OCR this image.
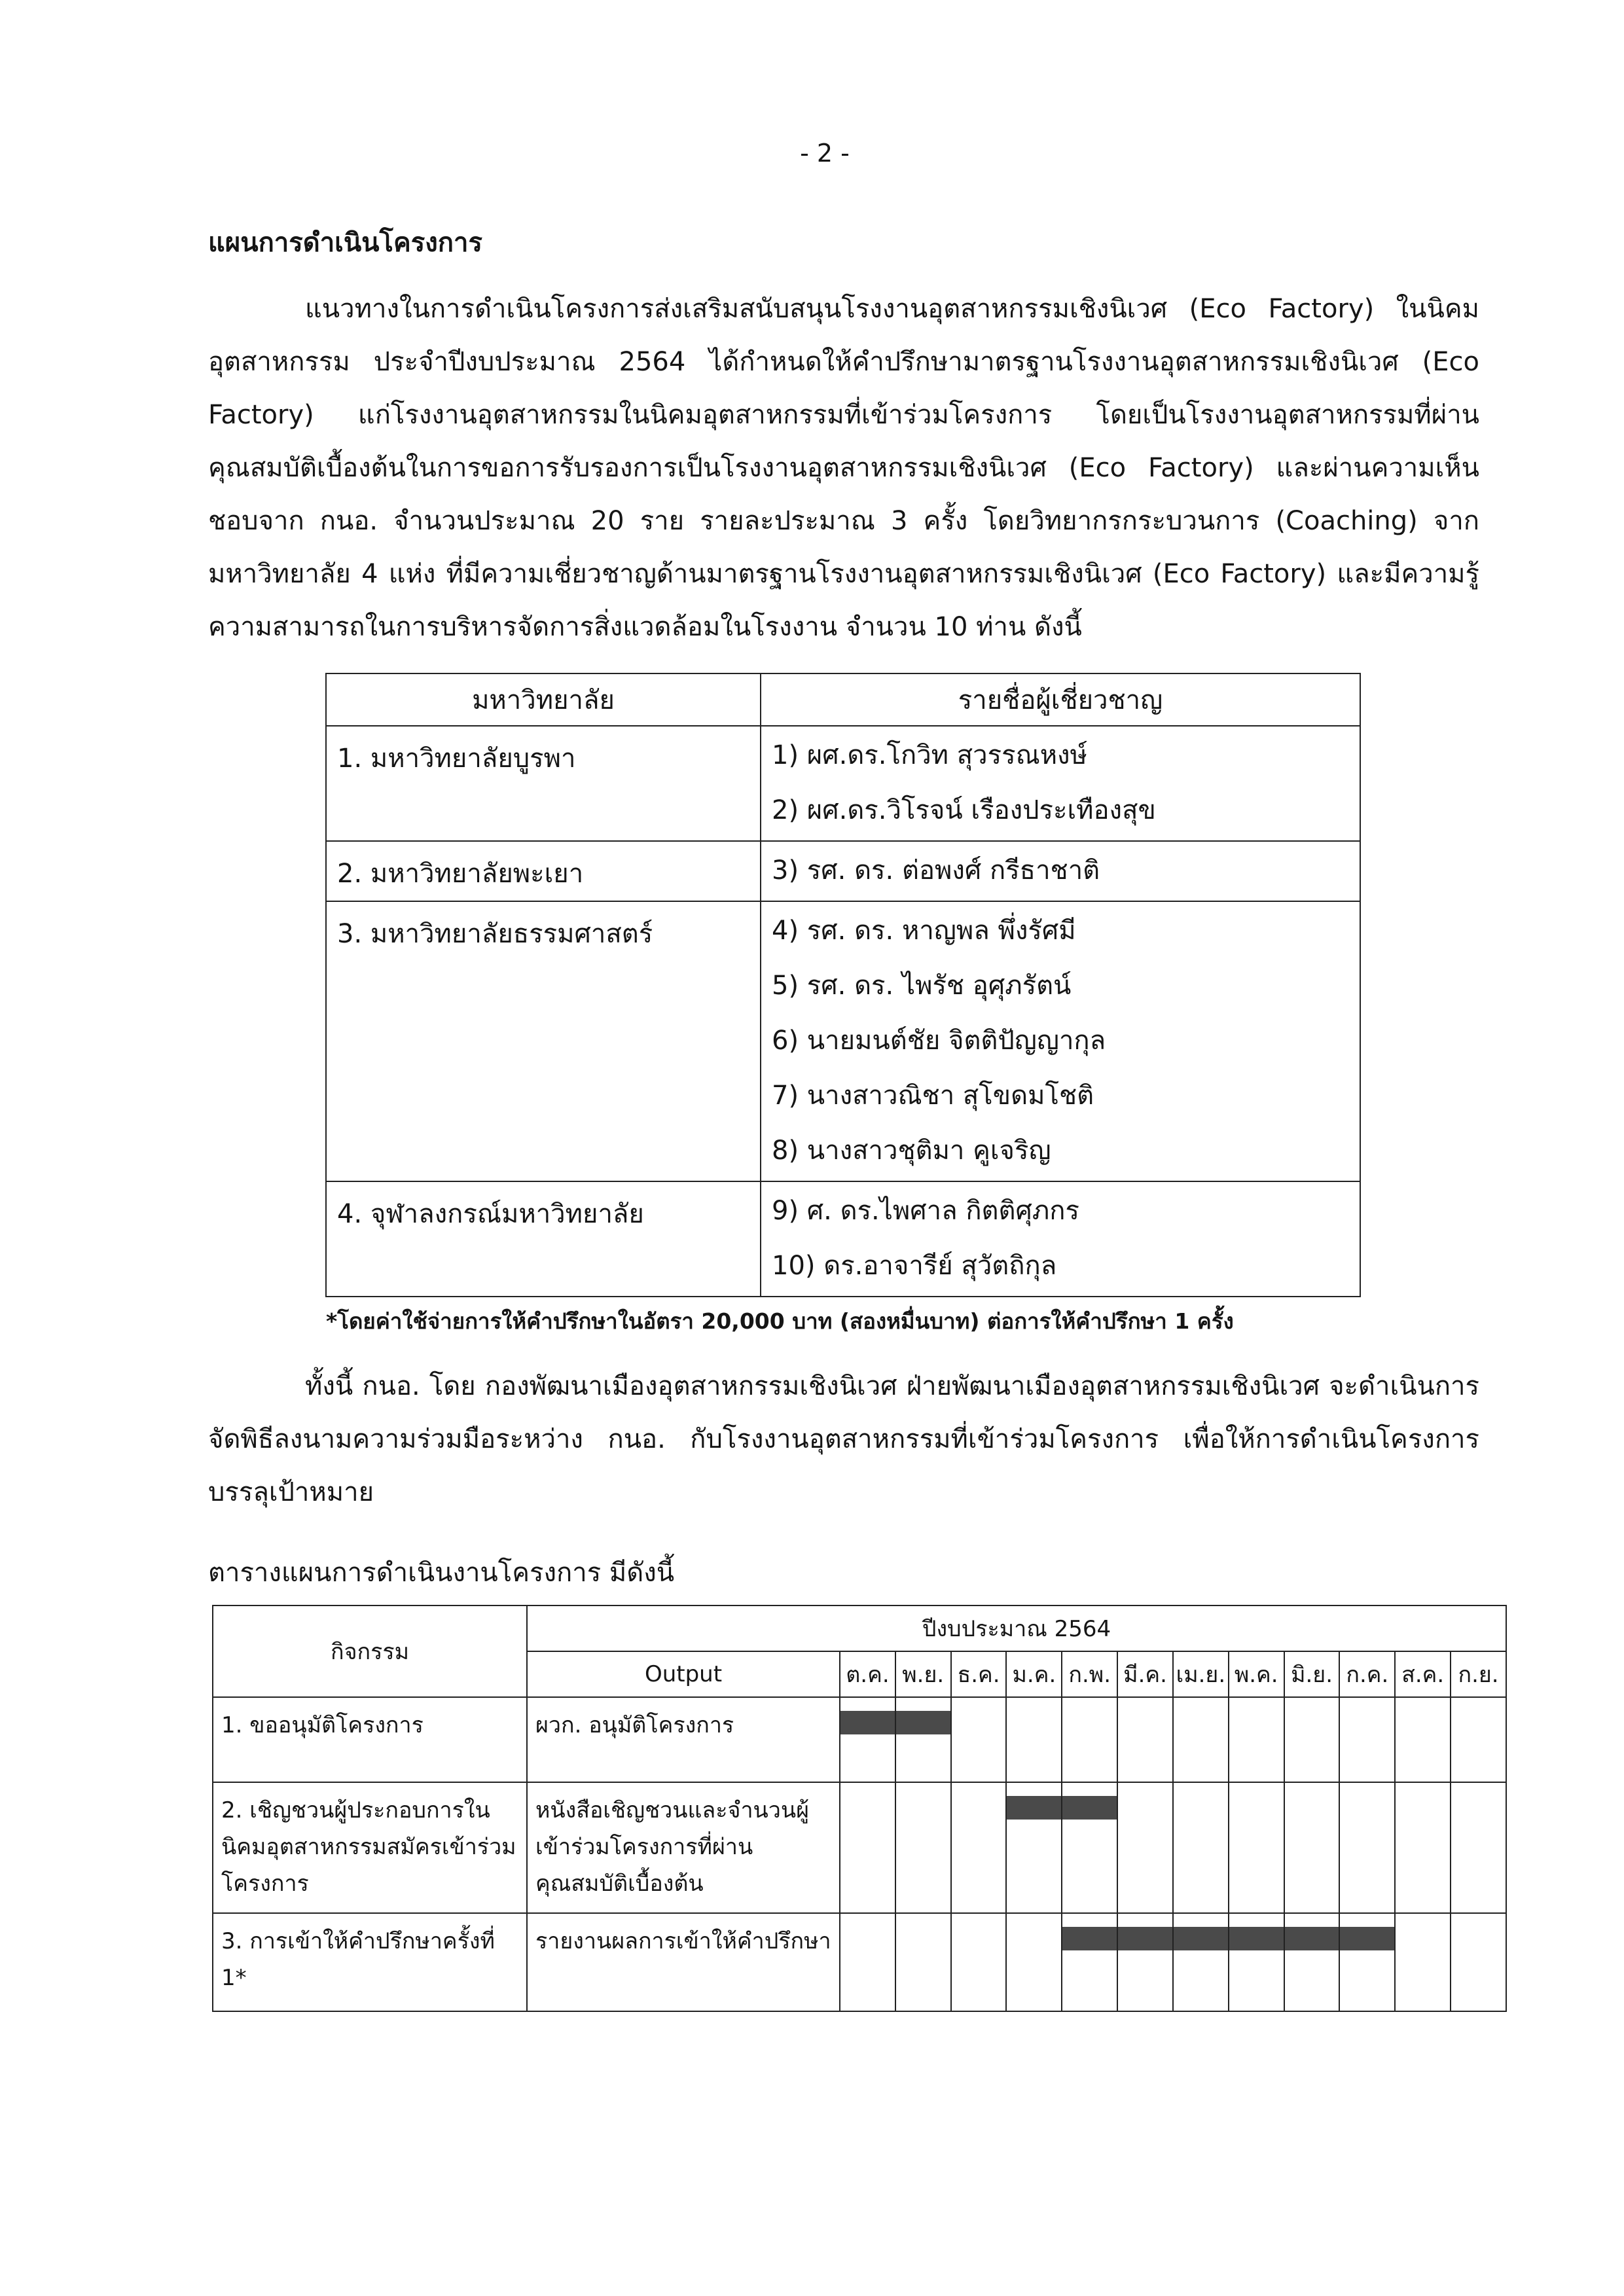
- 2 -
แผนการดำเนินโครงการ

แนวทางในการดำเนินโครงการส่งเสริมสนับสนุนโรงงานอุตสาหกรรมเชิงนิเวศ (Eco Factory) ในนิคมอุตสาหกรรม ประจำปีงบประมาณ 2564 ได้กำหนดให้คำปรึกษามาตรฐานโรงงานอุตสาหกรรมเชิงนิเวศ (Eco Factory) แก่โรงงานอุตสาหกรรมในนิคมอุตสาหกรรมที่เข้าร่วมโครงการ โดยเป็นโรงงานอุตสาหกรรมที่ผ่านคุณสมบัติเบื้องต้นในการขอการรับรองการเป็นโรงงานอุตสาหกรรมเชิงนิเวศ (Eco Factory) และผ่านความเห็นชอบจาก กนอ. จำนวนประมาณ 20 ราย รายละประมาณ 3 ครั้ง โดยวิทยากรกระบวนการ (Coaching) จากมหาวิทยาลัย 4 แห่ง ที่มีความเชี่ยวชาญด้านมาตรฐานโรงงานอุตสาหกรรมเชิงนิเวศ (Eco Factory) และมีความรู้ความสามารถในการบริหารจัดการสิ่งแวดล้อมในโรงงาน จำนวน 10 ท่าน ดังนี้

มหาวิทยาลัย	รายชื่อผู้เชี่ยวชาญ
1. มหาวิทยาลัยบูรพา	1) ผศ.ดร.โกวิท สุวรรณหงษ์
2) ผศ.ดร.วิโรจน์ เรืองประเทืองสุข

2. มหาวิทยาลัยพะเยา	3) รศ. ดร. ต่อพงศ์ กรีธาชาติ

3. มหาวิทยาลัยธรรมศาสตร์	4) รศ. ดร. หาญพล พึ่งรัศมี
5) รศ. ดร. ไพรัช อุศุภรัตน์
6) นายมนต์ชัย จิตติปัญญากุล
7) นางสาวณิชา สุโขดมโชติ
8) นางสาวชุติมา คูเจริญ

4. จุฬาลงกรณ์มหาวิทยาลัย	9) ศ. ดร.ไพศาล กิตติศุภกร
10) ดร.อาจารีย์ สุวัตถิกุล
*โดยค่าใช้จ่ายการให้คำปรึกษาในอัตรา 20,000 บาท (สองหมื่นบาท) ต่อการให้คำปรึกษา 1 ครั้ง

ทั้งนี้ กนอ. โดย กองพัฒนาเมืองอุตสาหกรรมเชิงนิเวศ ฝ่ายพัฒนาเมืองอุตสาหกรรมเชิงนิเวศ จะดำเนินการจัดพิธีลงนามความร่วมมือระหว่าง กนอ. กับโรงงานอุตสาหกรรมที่เข้าร่วมโครงการ เพื่อให้การดำเนินโครงการบรรลุเป้าหมาย

ตารางแผนการดำเนินงานโครงการ มีดังนี้
กิจกรรม	ปีงบประมาณ 2564												
	Output	ต.ค.	พ.ย.	ธ.ค.	ม.ค.	ก.พ.	มี.ค.	เม.ย.	พ.ค.	มิ.ย.	ก.ค.	ส.ค.	ก.ย.
1. ขออนุมัติโครงการ	ผวก. อนุมัติโครงการ	

2. เชิญชวนผู้ประกอบการในนิคมอุตสาหกรรมสมัครเข้าร่วมโครงการ	หนังสือเชิญชวนและจำนวนผู้เข้าร่วมโครงการที่ผ่านคุณสมบัติเบื้องต้น				

3. การเข้าให้คำปรึกษาครั้งที่ 1*	รายงานผลการเข้าให้คำปรึกษา					
